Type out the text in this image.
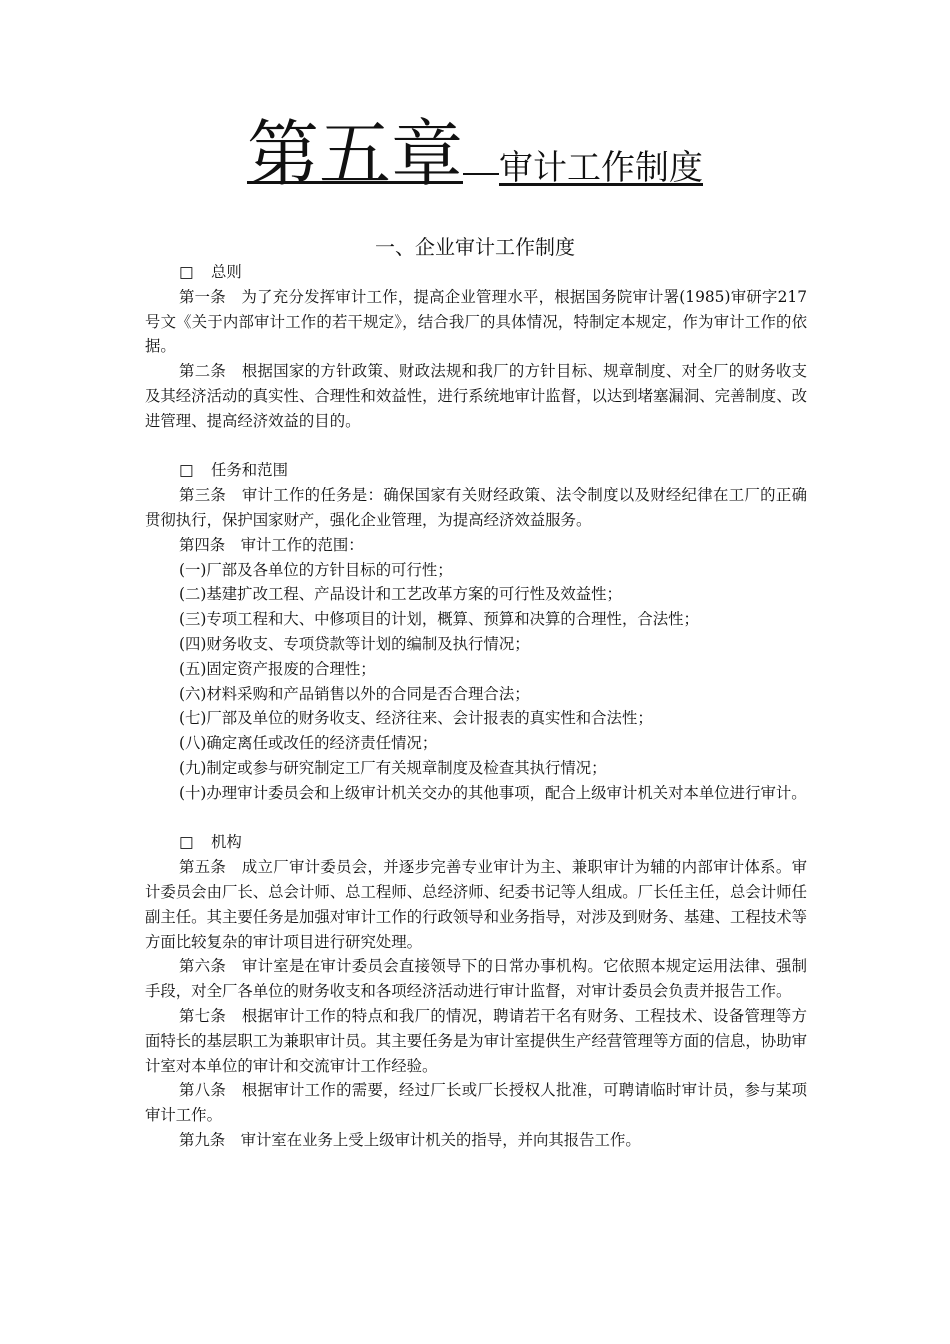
第五章 审计工作制度
一、企业审计工作制度

□ 总则

第一条　为了充分发挥审计工作，提高企业管理水平，根据国务院审计署(1985)审研字217号文《关于内部审计工作的若干规定》，结合我厂的具体情况，特制定本规定，作为审计工作的依据。

第二条　根据国家的方针政策、财政法规和我厂的方针目标、规章制度、对全厂的财务收支及其经济活动的真实性、合理性和效益性，进行系统地审计监督，以达到堵塞漏洞、完善制度、改进管理、提高经济效益的目的。

□ 任务和范围

第三条　审计工作的任务是：确保国家有关财经政策、法令制度以及财经纪律在工厂的正确贯彻执行，保护国家财产，强化企业管理，为提高经济效益服务。

第四条　审计工作的范围：

(一)厂部及各单位的方针目标的可行性；

(二)基建扩改工程、产品设计和工艺改革方案的可行性及效益性；

(三)专项工程和大、中修项目的计划，概算、预算和决算的合理性，合法性；

(四)财务收支、专项贷款等计划的编制及执行情况；

(五)固定资产报废的合理性；

(六)材料采购和产品销售以外的合同是否合理合法；

(七)厂部及单位的财务收支、经济往来、会计报表的真实性和合法性；

(八)确定离任或改任的经济责任情况；

(九)制定或参与研究制定工厂有关规章制度及检查其执行情况；

(十)办理审计委员会和上级审计机关交办的其他事项，配合上级审计机关对本单位进行审计。

□ 机构

第五条　成立厂审计委员会，并逐步完善专业审计为主、兼职审计为辅的内部审计体系。审计委员会由厂长、总会计师、总工程师、总经济师、纪委书记等人组成。厂长任主任，总会计师任副主任。其主要任务是加强对审计工作的行政领导和业务指导，对涉及到财务、基建、工程技术等方面比较复杂的审计项目进行研究处理。

第六条　审计室是在审计委员会直接领导下的日常办事机构。它依照本规定运用法律、强制手段，对全厂各单位的财务收支和各项经济活动进行审计监督，对审计委员会负责并报告工作。

第七条　根据审计工作的特点和我厂的情况，聘请若干名有财务、工程技术、设备管理等方面特长的基层职工为兼职审计员。其主要任务是为审计室提供生产经营管理等方面的信息，协助审计室对本单位的审计和交流审计工作经验。

第八条　根据审计工作的需要，经过厂长或厂长授权人批准，可聘请临时审计员，参与某项审计工作。

第九条　审计室在业务上受上级审计机关的指导，并向其报告工作。
